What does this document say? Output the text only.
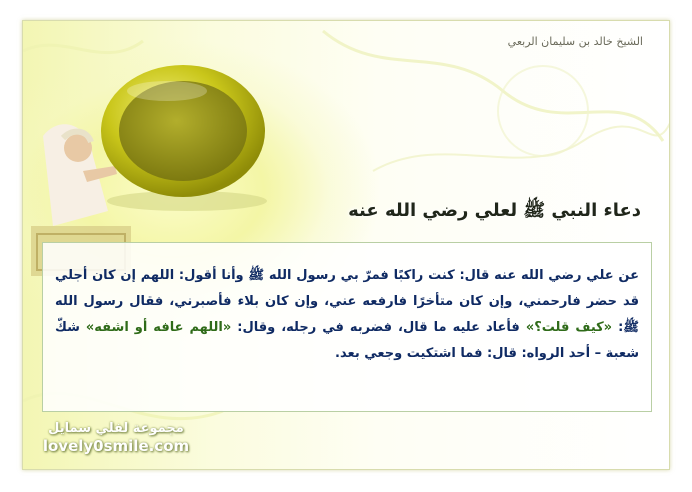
الشيخ خالد بن سليمان الربعي
دعاء النبي ﷺ لعلي رضي الله عنه

عن علي رضي الله عنه قال: كنت راكبًا فمرّ بي رسول الله ﷺ وأنا أقول: اللهم إن كان أجلي قد حضر فارحمني، وإن كان متأخرًا فارفعه عني، وإن كان بلاء فأصبرني، فقال رسول الله ﷺ: «كيف قلت؟» فأعاد عليه ما قال، فضربه في رجله، وقال: «اللهم عافه أو اشفه» شكّ شعبة – أحد الرواه: قال: فما اشتكيت وجعي بعد.

مجموعة لفلي سمايل
lovely0smile.com
